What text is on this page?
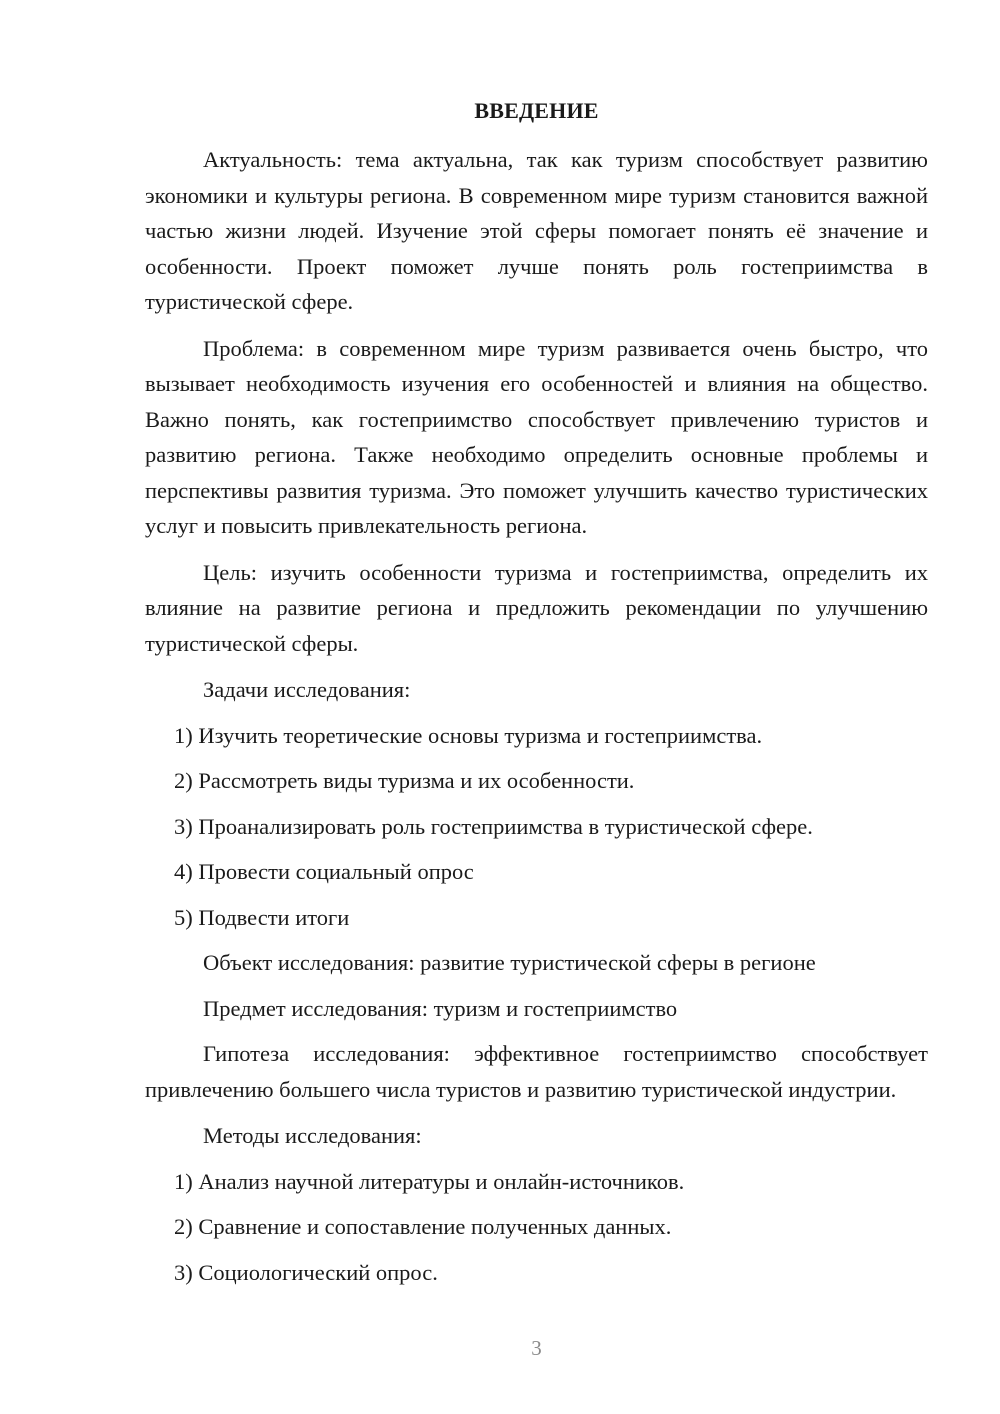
ВВЕДЕНИЕ

Актуальность: тема актуальна, так как туризм способствует развитию экономики и культуры региона. В современном мире туризм становится важной частью жизни людей. Изучение этой сферы помогает понять её значение и особенности. Проект поможет лучше понять роль гостеприимства в туристической сфере.

Проблема: в современном мире туризм развивается очень быстро, что вызывает необходимость изучения его особенностей и влияния на общество. Важно понять, как гостеприимство способствует привлечению туристов и развитию региона. Также необходимо определить основные проблемы и перспективы развития туризма. Это поможет улучшить качество туристических услуг и повысить привлекательность региона.

Цель: изучить особенности туризма и гостеприимства, определить их влияние на развитие региона и предложить рекомендации по улучшению туристической сферы.

Задачи исследования:

1) Изучить теоретические основы туризма и гостеприимства.

2) Рассмотреть виды туризма и их особенности.

3) Проанализировать роль гостеприимства в туристической сфере.

4) Провести социальный опрос

5) Подвести итоги

Объект исследования: развитие туристической сферы в регионе

Предмет исследования: туризм и гостеприимство

Гипотеза исследования: эффективное гостеприимство способствует привлечению большего числа туристов и развитию туристической индустрии.

Методы исследования:

1) Анализ научной литературы и онлайн-источников.

2) Сравнение и сопоставление полученных данных.

3) Социологический опрос.

3
